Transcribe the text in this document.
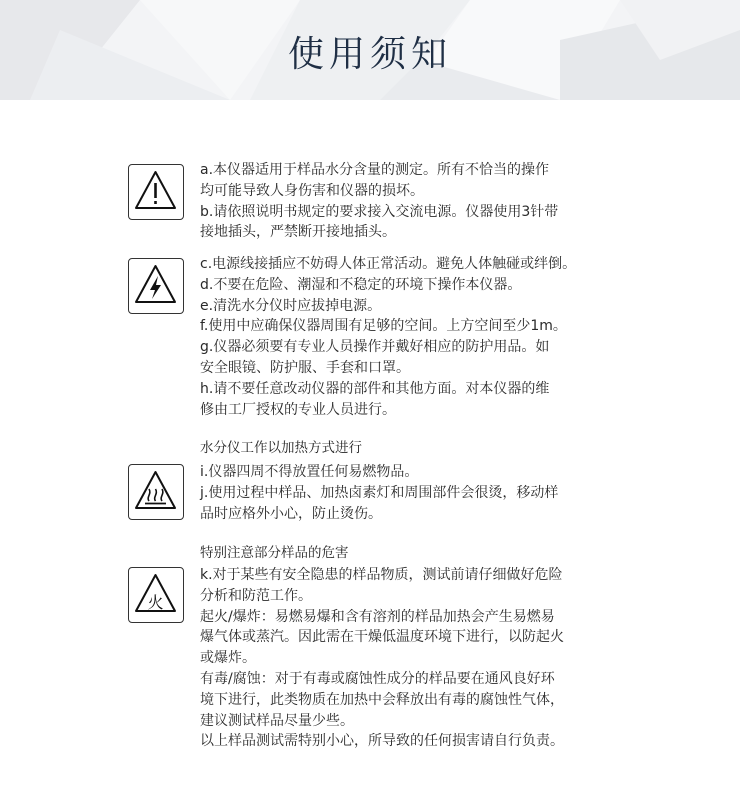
使用须知
a.本仪器适用于样品水分含量的测定。所有不恰当的操作
均可能导致人身伤害和仪器的损坏。
b.请依照说明书规定的要求接入交流电源。仪器使用3针带
接地插头，严禁断开接地插头。
c.电源线接插应不妨碍人体正常活动。避免人体触碰或绊倒。
d.不要在危险、潮湿和不稳定的环境下操作本仪器。
e.清洗水分仪时应拔掉电源。
f.使用中应确保仪器周围有足够的空间。上方空间至少1m。
g.仪器必须要有专业人员操作并戴好相应的防护用品。如
安全眼镜、防护服、手套和口罩。
h.请不要任意改动仪器的部件和其他方面。对本仪器的维
修由工厂授权的专业人员进行。
水分仪工作以加热方式进行
i.仪器四周不得放置任何易燃物品。
j.使用过程中样品、加热卤素灯和周围部件会很烫，移动样
品时应格外小心，防止烫伤。
特别注意部分样品的危害
火
k.对于某些有安全隐患的样品物质，测试前请仔细做好危险
分析和防范工作。
起火/爆炸：易燃易爆和含有溶剂的样品加热会产生易燃易
爆气体或蒸汽。因此需在干燥低温度环境下进行，以防起火
或爆炸。
有毒/腐蚀：对于有毒或腐蚀性成分的样品要在通风良好环
境下进行，此类物质在加热中会释放出有毒的腐蚀性气体，
建议测试样品尽量少些。
以上样品测试需特别小心，所导致的任何损害请自行负责。
